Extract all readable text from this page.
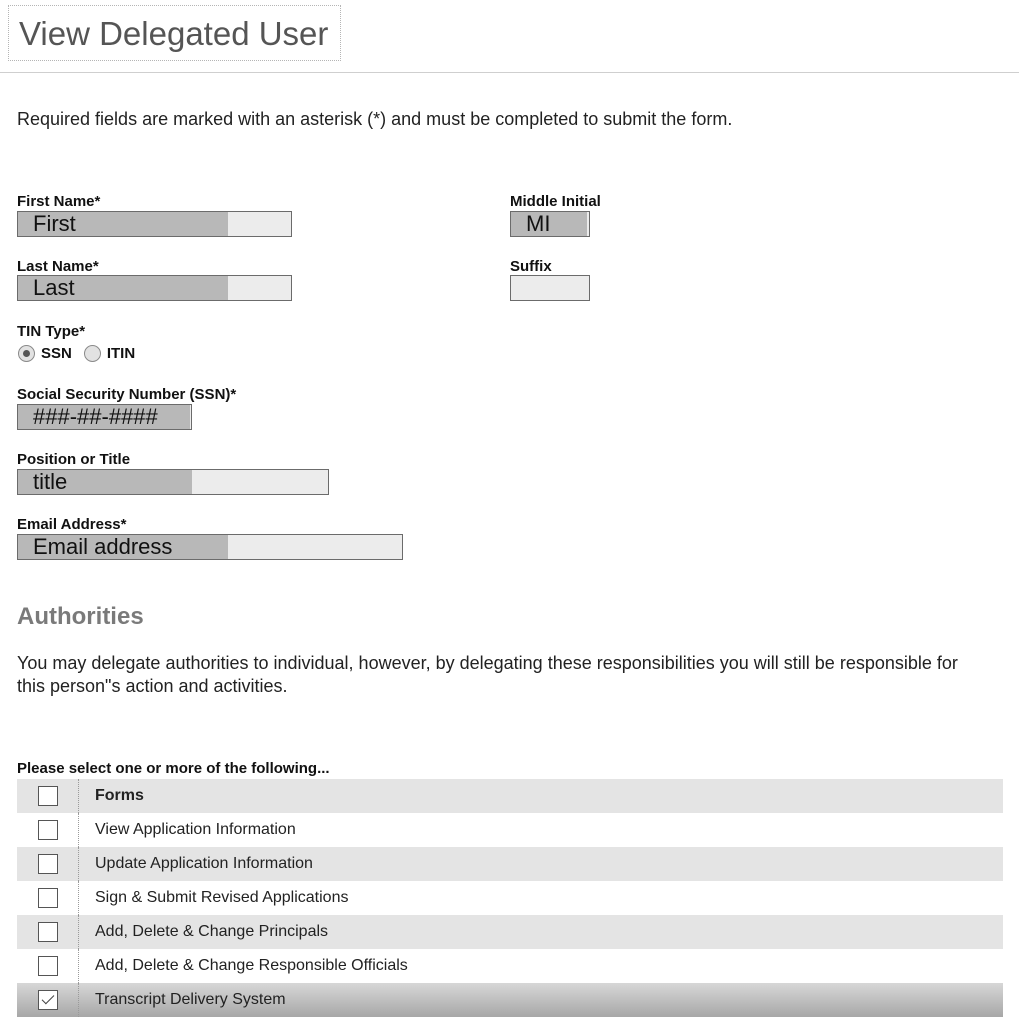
View Delegated User
Required fields are marked with an asterisk (*) and must be completed to submit the form.
First Name*
First
Middle Initial
MI
Last Name*
Last
Suffix
TIN Type*
SSN ITIN
Social Security Number (SSN)*
###-##-####
Position or Title
title
Email Address*
Email address
Authorities
You may delegate authorities to individual, however, by delegating these responsibilities you will still be responsible for this person"s action and activities.
Please select one or more of the following...
Forms
View Application Information
Update Application Information
Sign & Submit Revised Applications
Add, Delete & Change Principals
Add, Delete & Change Responsible Officials
Transcript Delivery System
